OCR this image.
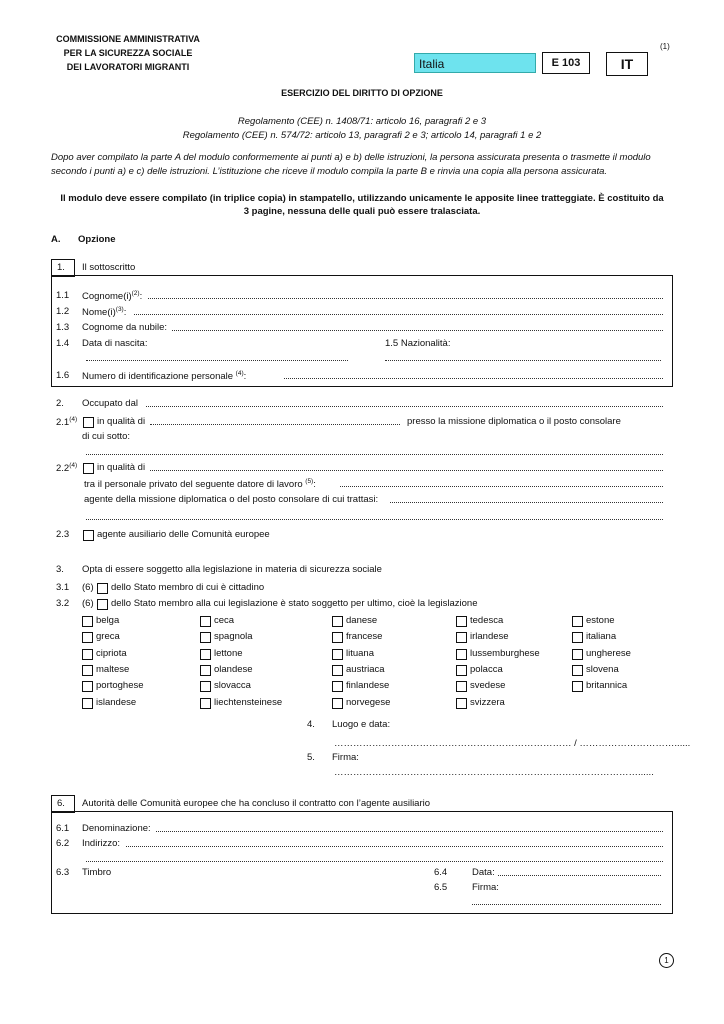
COMMISSIONE AMMINISTRATIVA
PER LA SICUREZZA SOCIALE
DEI LAVORATORI MIGRANTI	Italia	E 103	IT
(1)
ESERCIZIO DEL DIRITTO DI OPZIONE
Regolamento (CEE) n. 1408/71: articolo 16, paragrafi 2 e 3
Regolamento (CEE) n. 574/72: articolo 13, paragrafi 2 e 3; articolo 14, paragrafi 1 e 2
Dopo aver compilato la parte A del modulo conformemente ai punti a) e b) delle istruzioni, la persona assicurata presenta o trasmette il modulo
secondo i punti a) e c) delle istruzioni. L’istituzione che riceve il modulo compila la parte B e rinvia una copia alla persona assicurata.
Il modulo deve essere compilato (in triplice copia) in stampatello, utilizzando unicamente le apposite linee tratteggiate. È costituito da
3 pagine, nessuna delle quali può essere tralasciata.
A. Opzione
1. Il sottoscritto
1.1 $Cognome(i)^{(2)}$:
1.2 $Nome(i)^{(3)}$:
1.3 Cognome da nubile:
1.4 Data di nascita:	1.5 Nazionalità:
1.6 Numero di identificazione personale $^{(4)}$:
2. Occupato dal
2.1$^{(4)}$ in qualità di	presso la missione diplomatica o il posto consolare
di cui sotto:
2.2$^{(4)}$ in qualità di
tra il personale privato del seguente datore di lavoro $^{(5)}$:
agente della missione diplomatica o del posto consolare di cui trattasi:
2.3	agente ausiliario delle Comunità europee
3. Opta di essere soggetto alla legislazione in materia di sicurezza sociale
3.1 (6) dello Stato membro di cui è cittadino
3.2 (6) dello Stato membro alla cui legislazione è stato soggetto per ultimo, cioè la legislazione
belga	ceca	danese	tedesca	estone
greca	spagnola	francese	irlandese	italiana
cipriota	lettone	lituana	lussemburghese	ungherese
maltese	olandese	austriaca	polacca	slovena
portoghese	slovacca	finlandese	svedese	britannica
islandese	liechtensteinese	norvegese	svizzera
4. Luogo e data:
………………………………………………………………… / …………………………......
5. Firma:
……………………………………………………………………………………......
6. Autorità delle Comunità europee che ha concluso il contratto con l’agente ausiliario
6.1 Denominazione:
6.2 Indirizzo:
6.3 Timbro	6.4	Data:
6.5	Firma:
1
